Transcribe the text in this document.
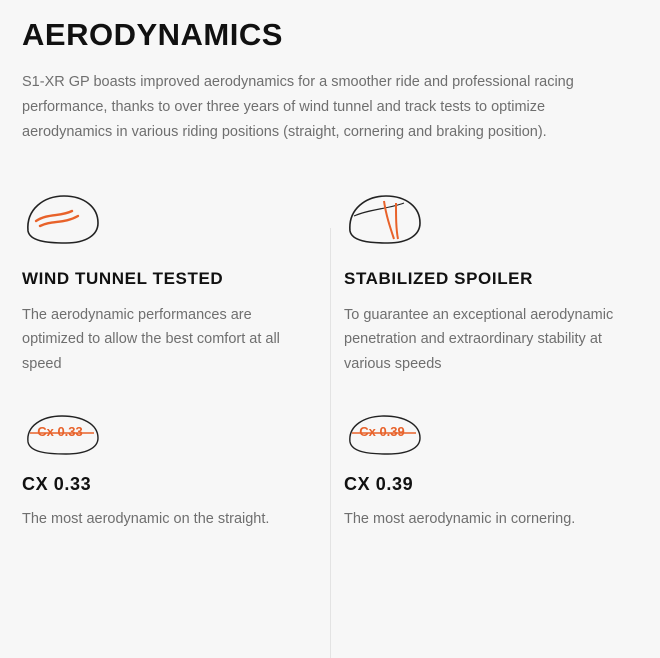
AERODYNAMICS

S1-XR GP boasts improved aerodynamics for a smoother ride and professional racing performance, thanks to over three years of wind tunnel and track tests to optimize aerodynamics in various riding positions (straight, cornering and braking position).

WIND TUNNEL TESTED

The aerodynamic performances are optimized to allow the best comfort at all speed

Cx 0.33
CX 0.33

The most aerodynamic on the straight.

STABILIZED SPOILER

To guarantee an exceptional aerodynamic penetration and extraordinary stability at various speeds

Cx 0.39
CX 0.39

The most aerodynamic in cornering.
